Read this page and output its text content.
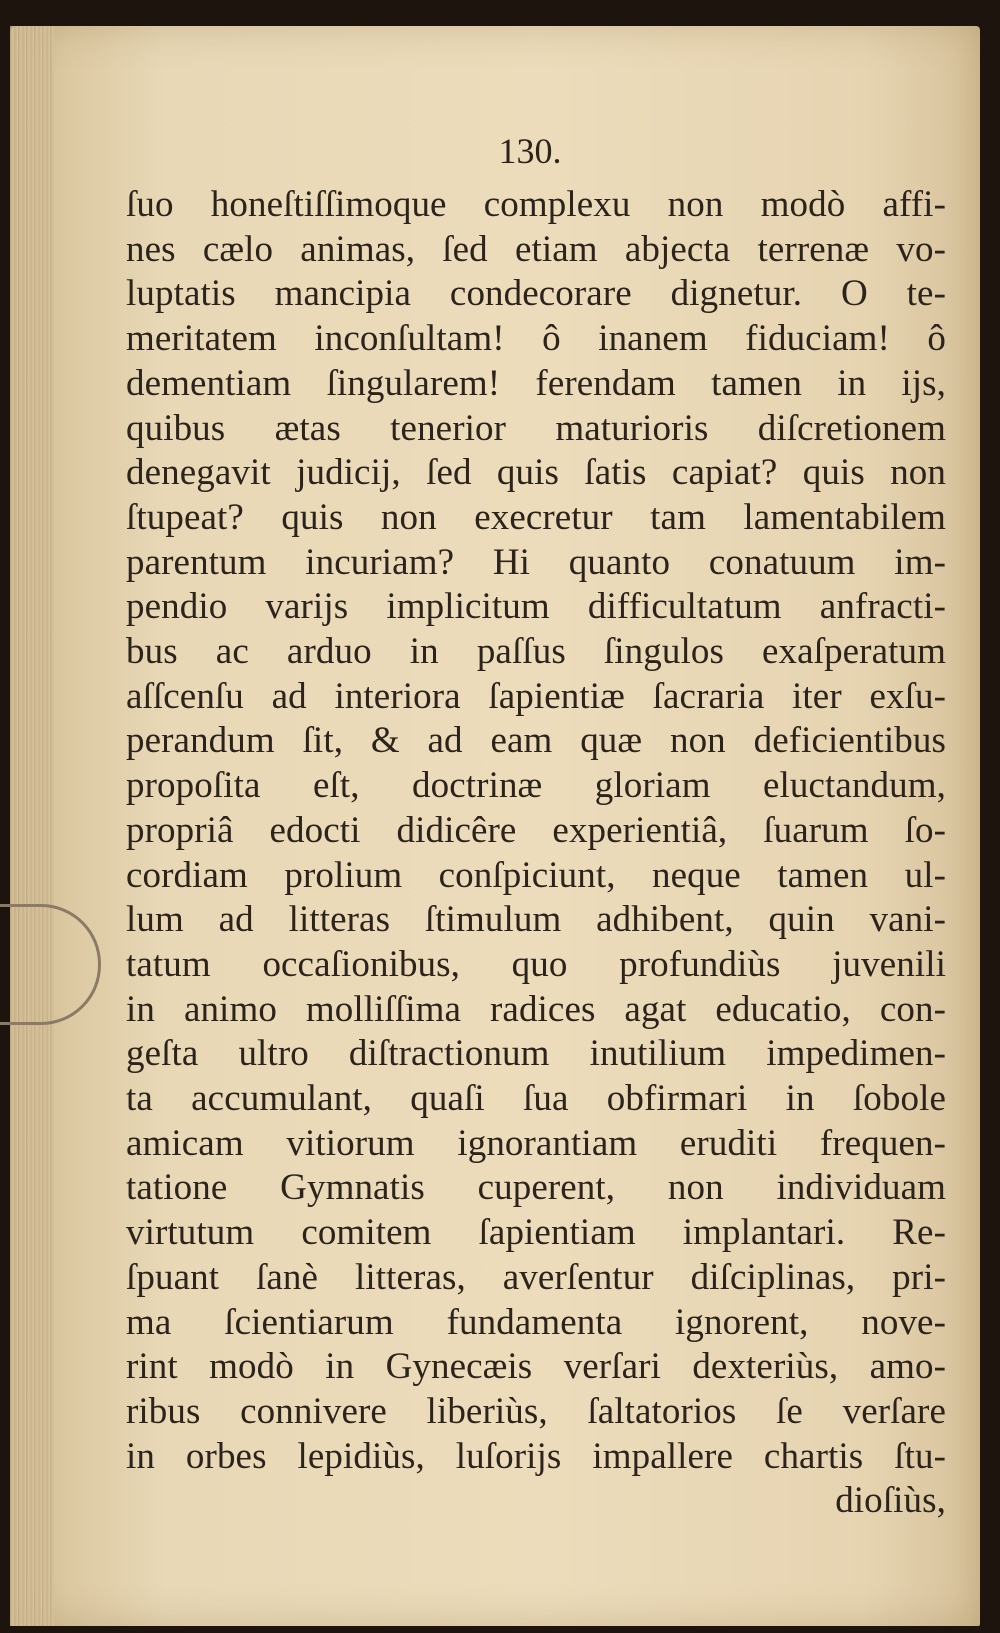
130.
ſuo honeſtiſſimoque complexu non modò affi-
nes cælo animas, ſed etiam abjecta terrenæ vo-
luptatis mancipia condecorare dignetur. O te-
meritatem inconſultam! ô inanem fiduciam! ô
dementiam ſingularem! ferendam tamen in ijs,
quibus ætas tenerior maturioris diſcretionem
denegavit judicij, ſed quis ſatis capiat? quis non
ſtupeat? quis non execretur tam lamentabilem
parentum incuriam? Hi quanto conatuum im-
pendio varijs implicitum difficultatum anfracti-
bus ac arduo in paſſus ſingulos exaſperatum
aſſcenſu ad interiora ſapientiæ ſacraria iter exſu-
perandum ſit, & ad eam quæ non deficientibus
propoſita eſt, doctrinæ gloriam eluctandum,
propriâ edocti didicêre experientiâ, ſuarum ſo-
cordiam prolium conſpiciunt, neque tamen ul-
lum ad litteras ſtimulum adhibent, quin vani-
tatum occaſionibus, quo profundiùs juvenili
in animo molliſſima radices agat educatio, con-
geſta ultro diſtractionum inutilium impedimen-
ta accumulant, quaſi ſua obfirmari in ſobole
amicam vitiorum ignorantiam eruditi frequen-
tatione Gymnatis cuperent, non individuam
virtutum comitem ſapientiam implantari. Re-
ſpuant ſanè litteras, averſentur diſciplinas, pri-
ma ſcientiarum fundamenta ignorent, nove-
rint modò in Gynecæis verſari dexteriùs, amo-
ribus connivere liberiùs, ſaltatorios ſe verſare
in orbes lepidiùs, luſorijs impallere chartis ſtu-
dioſiùs,
